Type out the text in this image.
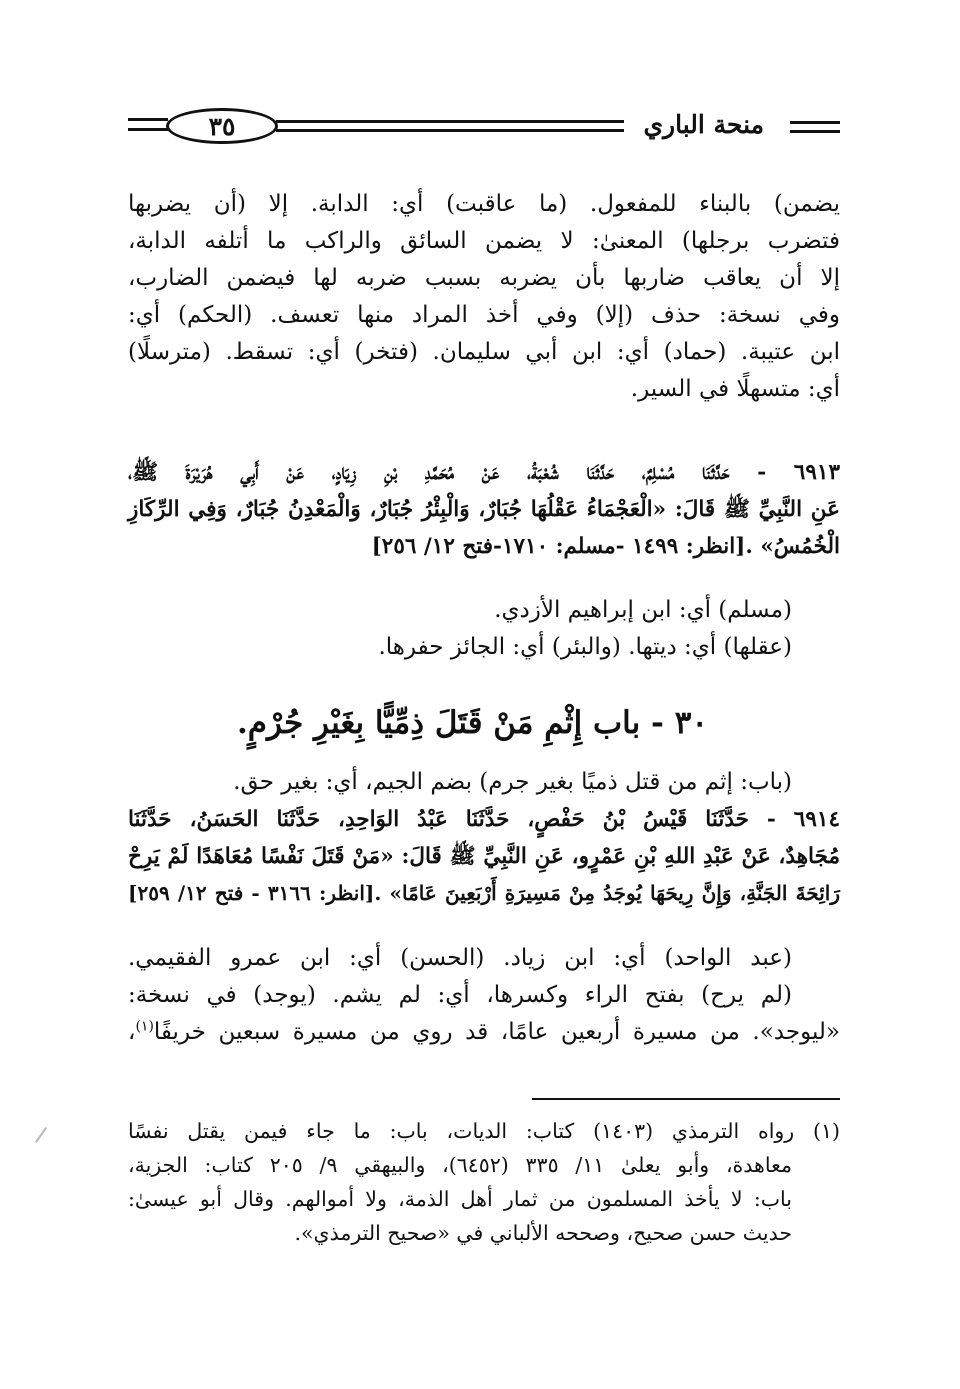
٣٥	منحة الباري
يضمن) بالبناء للمفعول. (ما عاقبت) أي: الدابة. إلا (أن يضربها
فتضرب برجلها) المعنىٰ: لا يضمن السائق والراكب ما أتلفه الدابة،
إلا أن يعاقب ضاربها بأن يضربه بسبب ضربه لها فيضمن الضارب،
وفي نسخة: حذف (إلا) وفي أخذ المراد منها تعسف. (الحكم) أي:
ابن عتيبة. (حماد) أي: ابن أبي سليمان. (فتخر) أي: تسقط. (مترسلًا)
أي: متسهلًا في السير.
٦٩١٣ - حَدَّثَنَا مُسْلِمٌ، حَدَّثَنَا شُعْبَةُ، عَنْ مُحَمَّدِ بْنِ زِيَادٍ، عَنْ أَبِي هُرَيْرَةَ ﷺ،
عَنِ النَّبِيِّ ﷺ قَالَ: «الْعَجْمَاءُ عَقْلُهَا جُبَارٌ، وَالْبِئْرُ جُبَارٌ، وَالْمَعْدِنُ جُبَارٌ، وَفِي الرِّكَازِ
الْخُمُسُ» .[انظر: ١٤٩٩ -مسلم: ١٧١٠-فتح ١٢/ ٢٥٦]
(مسلم) أي: ابن إبراهيم الأزدي.
(عقلها) أي: ديتها. (والبئر) أي: الجائز حفرها.
٣٠ - باب إِثْمِ مَنْ قَتَلَ ذِمِّيًّا بِغَيْرِ جُرْمٍ.
(باب: إثم من قتل ذميًا بغير جرم) بضم الجيم، أي: بغير حق.
٦٩١٤ - حَدَّثَنَا قَيْسُ بْنُ حَفْصٍ، حَدَّثَنَا عَبْدُ الوَاحِدِ، حَدَّثَنَا الحَسَنُ، حَدَّثَنَا
مُجَاهِدٌ، عَنْ عَبْدِ اللهِ بْنِ عَمْرٍو، عَنِ النَّبِيِّ ﷺ قَالَ: «مَنْ قَتَلَ نَفْسًا مُعَاهَدًا لَمْ يَرِحْ
رَائِحَةَ الجَنَّةِ، وَإِنَّ رِيحَهَا يُوجَدُ مِنْ مَسِيرَةِ أَرْبَعِينَ عَامًا» .[انظر: ٣١٦٦ - فتح ١٢/ ٢٥٩]
(عبد الواحد) أي: ابن زياد. (الحسن) أي: ابن عمرو الفقيمي.
(لم يرح) بفتح الراء وكسرها، أي: لم يشم. (يوجد) في نسخة:
«ليوجد». من مسيرة أربعين عامًا، قد روي من مسيرة سبعين خريفًا$^{(١)}$،
(١) رواه الترمذي (١٤٠٣) كتاب: الديات، باب: ما جاء فيمن يقتل نفسًا
معاهدة، وأبو يعلىٰ ١١/ ٣٣٥ (٦٤٥٢)، والبيهقي ٩/ ٢٠٥ كتاب: الجزية،
باب: لا يأخذ المسلمون من ثمار أهل الذمة، ولا أموالهم. وقال أبو عيسىٰ:
حديث حسن صحيح، وصححه الألباني في «صحيح الترمذي».
